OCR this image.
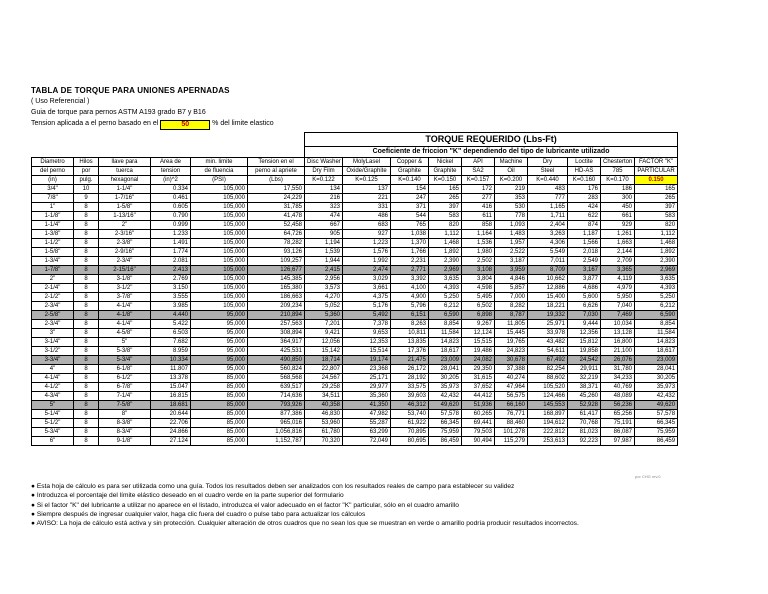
TABLA DE TORQUE PARA UNIONES APERNADAS
( Uso Referencial )
Guia de torque para pernos ASTM A193 grado B7 y B16
Tension aplicada a el perno basado en el	50	% del limite elastico
						TORQUE REQUERIDO (Lbs-Ft)									
						Coeficiente de friccion "K" dependiendo del tipo de lubricante utilizado									
Diametro	Hilos	llave para	Area de	min. limite	Tension en el	Disc Washer	MolyLasel	Copper &	Nickel	API	Machine	Dry	Loctite	Chesterton	FACTOR "K"
del perno	por	tuerca	tension	de fluencia	perno al apriete	Dry Film	Oxide/Graphite	Graphite	Graphite	SA2	Oil	Steel	HD-AS	785	PARTICULAR
(in)	pulg.	hexagonal	(in)^2	(PSI)	(Lbs)	K=0.122	K=0.125	K=0.140	K=0.150	K=0.157	K=0.200	K=0.440	K=0.160	K=0.170	0.150
3/4"	10	1-1/4"	0.334	105,000	17,550	134	137	154	165	172	219	483	176	186	165
7/8"	9	1-7/16"	0.461	105,000	24,229	216	221	247	265	277	353	777	283	300	265
1"	8	1-5/8"	0.605	105,000	31,785	323	331	371	397	416	530	1,165	424	450	397
1-1/8"	8	1-13/16"	0.790	105,000	41,478	474	486	544	583	611	778	1,711	622	661	583
1-1/4"	8	2"	0.999	105,000	52,458	667	683	765	820	858	1,093	2,404	874	929	820
1-3/8"	8	2-3/16"	1.233	105,000	64,726	905	927	1,038	1,112	1,164	1,483	3,263	1,187	1,261	1,112
1-1/2"	8	2-3/8"	1.491	105,000	78,282	1,194	1,223	1,370	1,468	1,536	1,957	4,306	1,566	1,663	1,468
1-5/8"	8	2-9/16"	1.774	105,000	93,126	1,539	1,576	1,766	1,892	1,980	2,522	5,549	2,018	2,144	1,892
1-3/4"	8	2-3/4"	2.081	105,000	109,257	1,944	1,992	2,231	2,390	2,502	3,187	7,011	2,549	2,709	2,390
1-7/8"	8	2-15/16"	2.413	105,000	126,677	2,415	2,474	2,771	2,969	3,108	3,959	8,709	3,167	3,365	2,969
2"	8	3-1/8"	2.769	105,000	145,385	2,956	3,029	3,392	3,635	3,804	4,846	10,662	3,877	4,119	3,635
2-1/4"	8	3-1/2"	3.150	105,000	165,380	3,573	3,661	4,100	4,393	4,598	5,857	12,886	4,686	4,979	4,393
2-1/2"	8	3-7/8"	3.555	105,000	186,663	4,270	4,375	4,900	5,250	5,495	7,000	15,400	5,600	5,950	5,250
2-3/4"	8	4-1/4"	3.985	105,000	209,234	5,052	5,176	5,796	6,212	6,502	8,282	18,221	6,626	7,040	6,212
2-5/8"	8	4-1/8"	4.440	95,000	210,894	5,360	5,492	6,151	6,590	6,898	8,787	19,332	7,030	7,469	6,590
2-3/4"	8	4-1/4"	5.422	95,000	257,563	7,201	7,378	8,263	8,854	9,267	11,805	25,971	9,444	10,034	8,854
3"	8	4-5/8"	6.503	95,000	308,894	9,421	9,653	10,811	11,584	12,124	15,445	33,978	12,356	13,128	11,584
3-1/4"	8	5"	7.682	95,000	364,917	12,056	12,353	13,835	14,823	15,515	19,765	43,482	15,812	16,800	14,823
3-1/2"	8	5-3/8"	8.959	95,000	425,531	15,142	15,514	17,376	18,617	19,486	24,823	54,611	19,858	21,100	18,617
3-3/4"	8	5-3/4"	10.334	95,000	490,850	18,714	19,174	21,475	23,009	24,082	30,678	67,492	24,542	26,076	23,009
4"	8	6-1/8"	11.807	95,000	560,824	22,807	23,368	26,172	28,041	29,350	37,388	82,254	29,911	31,780	28,041
4-1/4"	8	6-1/2"	13.378	85,000	568,568	24,567	25,171	28,192	30,205	31,615	40,274	88,602	32,219	34,233	30,205
4-1/2"	8	6-7/8"	15.047	85,000	639,517	29,258	29,977	33,575	35,973	37,652	47,964	105,520	38,371	40,769	35,973
4-3/4"	8	7-1/4"	16.815	85,000	714,636	34,511	35,360	39,603	42,432	44,412	56,575	124,466	45,260	48,089	42,432
5"	8	7-5/8"	18.681	85,000	793,926	40,358	41,350	46,312	49,620	51,936	66,160	145,553	52,928	56,236	49,620
5-1/4"	8	8"	20.644	85,000	877,386	46,830	47,982	53,740	57,578	60,265	76,771	168,897	61,417	65,256	57,578
5-1/2"	8	8-3/8"	22.706	85,000	965,016	53,960	55,287	61,922	66,345	69,441	88,460	194,612	70,768	75,191	66,345
5-3/4"	8	8-3/4"	24.866	85,000	1,056,816	61,780	63,299	70,895	75,959	79,503	101,278	222,812	81,023	86,087	75,959
6"	8	9-1/8"	27.124	85,000	1,152,787	70,320	72,049	80,695	86,459	90,494	115,279	253,613	92,223	97,987	86,459
por CHG rev.0
● Esta hoja de cálculo es para ser utilizada como una guía. Todos los resultados deben ser analizados con los resultados reales de campo para establecer su validez
● Introduzca el porcentaje del límite elástico deseado en el cuadro verde en la parte superior del formulario
● Si el factor "K" del lubricante a utilizar no aparece en el listado, introduzca el valor adecuado en el factor "K" particular, sólo en el cuadro amarillo
● Siempre después de ingresar cualquier valor, haga clic fuera del cuadro o pulse tabo para actualizar los cálculos
● AVISO: La hoja de cálculo está activa y sin protección. Cualquier alteración de otros cuadros que no sean los que se muestran en verde o amarillo podría producir resultados incorrectos.
